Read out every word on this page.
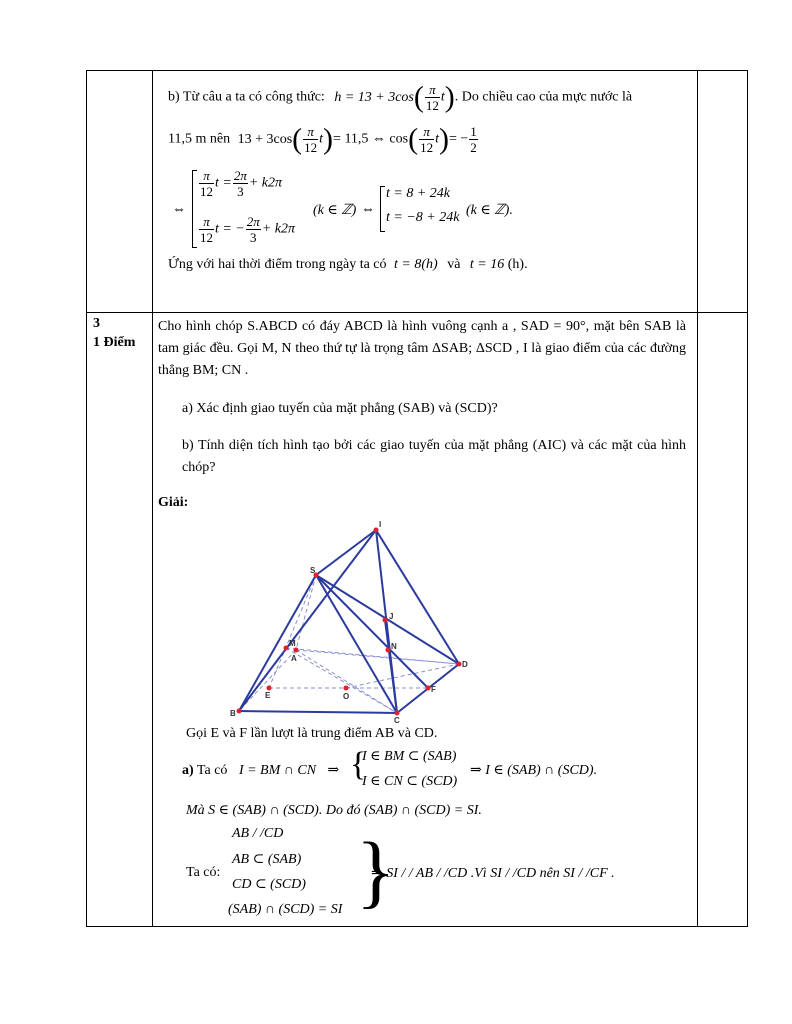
b) Từ câu a ta có công thức: $h = 13 + 3\cos( \frac{\pi}{12} t)$. Do chiều cao của mực nước là
11,5 m nên $13 + 3\cos( \frac{\pi}{12} t)= 11,5$ ⇔ $\cos( \frac{\pi}{12} t)= - \frac{1}{2}$
⇔
$\frac{\pi}{12}$ $t = \frac{2\pi}{3} + k2\pi$
$\frac{\pi}{12}$ t = − $\frac{2\pi}{3} + k2\pi$
(k ∈ ℤ) ⇔
t = 8 + 24k
t = −8 + 24k (k ∈ ℤ).
Ứng với hai thời điểm trong ngày ta có t = 8(h) và t = 16 (h).
3
1 Điểm
Cho hình chóp S.ABCD có đáy ABCD là hình vuông cạnh a , SAD = 90°, mặt bên SAB là tam giác đều. Gọi M, N theo thứ tự là trọng tâm ΔSAB; ΔSCD , I là giao điểm của các đường thẳng BM; CN .
a) Xác định giao tuyến của mặt phẳng (SAB) và (SCD)?
b) Tính diện tích hình tạo bởi các giao tuyến của mặt phẳng (AIC) và các mặt của hình chóp?
Giải:
I
S
J
M	N
A
D
E	O
F
B
C
Gọi E và F lần lượt là trung điểm AB và CD.
a) Ta có I = BM ∩ CN ⇒ {
I ∈ BM ⊂ (SAB)
I ∈ CN ⊂ (SCD)
⇒ I ∈ (SAB) ∩ (SCD).
Mà S ∈ (SAB) ∩ (SCD). Do đó (SAB) ∩ (SCD) = SI.
Ta có:
AB / /CD
AB ⊂ (SAB)
CD ⊂ (SCD)
(SAB) ∩ (SCD) = SI }
⇒ SI / / AB / /CD .Vì SI / /CD nên SI / /CF .
